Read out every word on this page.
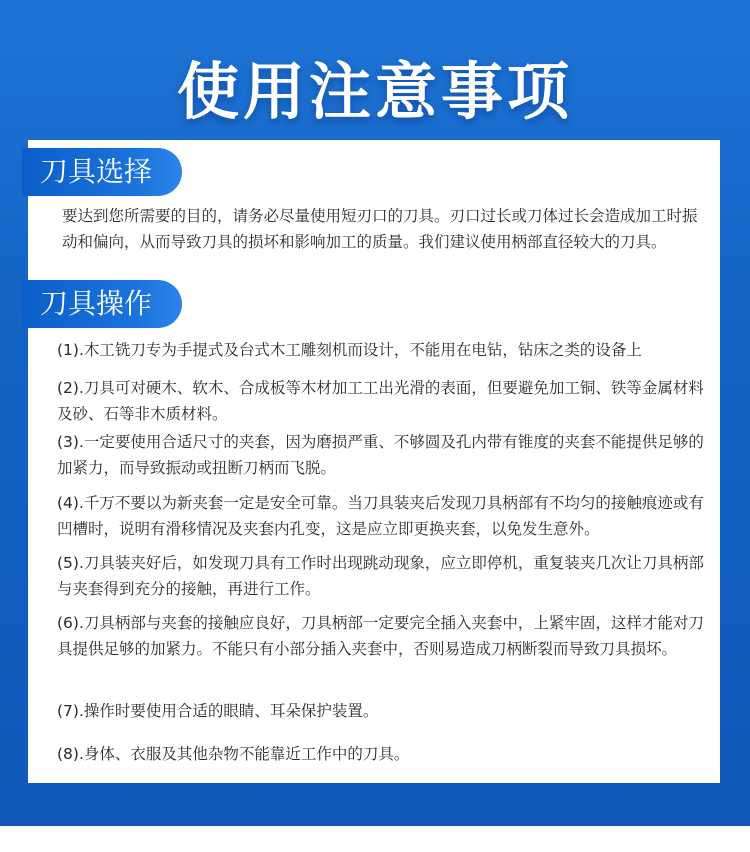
使用注意事项
刀具选择
要达到您所需要的目的，请务必尽量使用短刃口的刀具。刃口过长或刀体过长会造成加工时振动和偏向，从而导致刀具的损坏和影响加工的质量。我们建议使用柄部直径较大的刀具。
刀具操作
(1).木工铣刀专为手提式及台式木工雕刻机而设计，不能用在电钻，钻床之类的设备上
(2).刀具可对硬木、软木、合成板等木材加工工出光滑的表面，但要避免加工铜、铁等金属材料及砂、石等非木质材料。
(3).一定要使用合适尺寸的夹套，因为磨损严重、不够圆及孔内带有锥度的夹套不能提供足够的加紧力，而导致振动或扭断刀柄而飞脱。
(4).千万不要以为新夹套一定是安全可靠。当刀具装夹后发现刀具柄部有不均匀的接触痕迹或有凹槽时，说明有滑移情况及夹套内孔变，这是应立即更换夹套，以免发生意外。
(5).刀具装夹好后，如发现刀具有工作时出现跳动现象，应立即停机，重复装夹几次让刀具柄部与夹套得到充分的接触，再进行工作。
(6).刀具柄部与夹套的接触应良好，刀具柄部一定要完全插入夹套中，上紧牢固，这样才能对刀具提供足够的加紧力。不能只有小部分插入夹套中，否则易造成刀柄断裂而导致刀具损坏。
(7).操作时要使用合适的眼睛、耳朵保护装置。
(8).身体、衣服及其他杂物不能靠近工作中的刀具。
